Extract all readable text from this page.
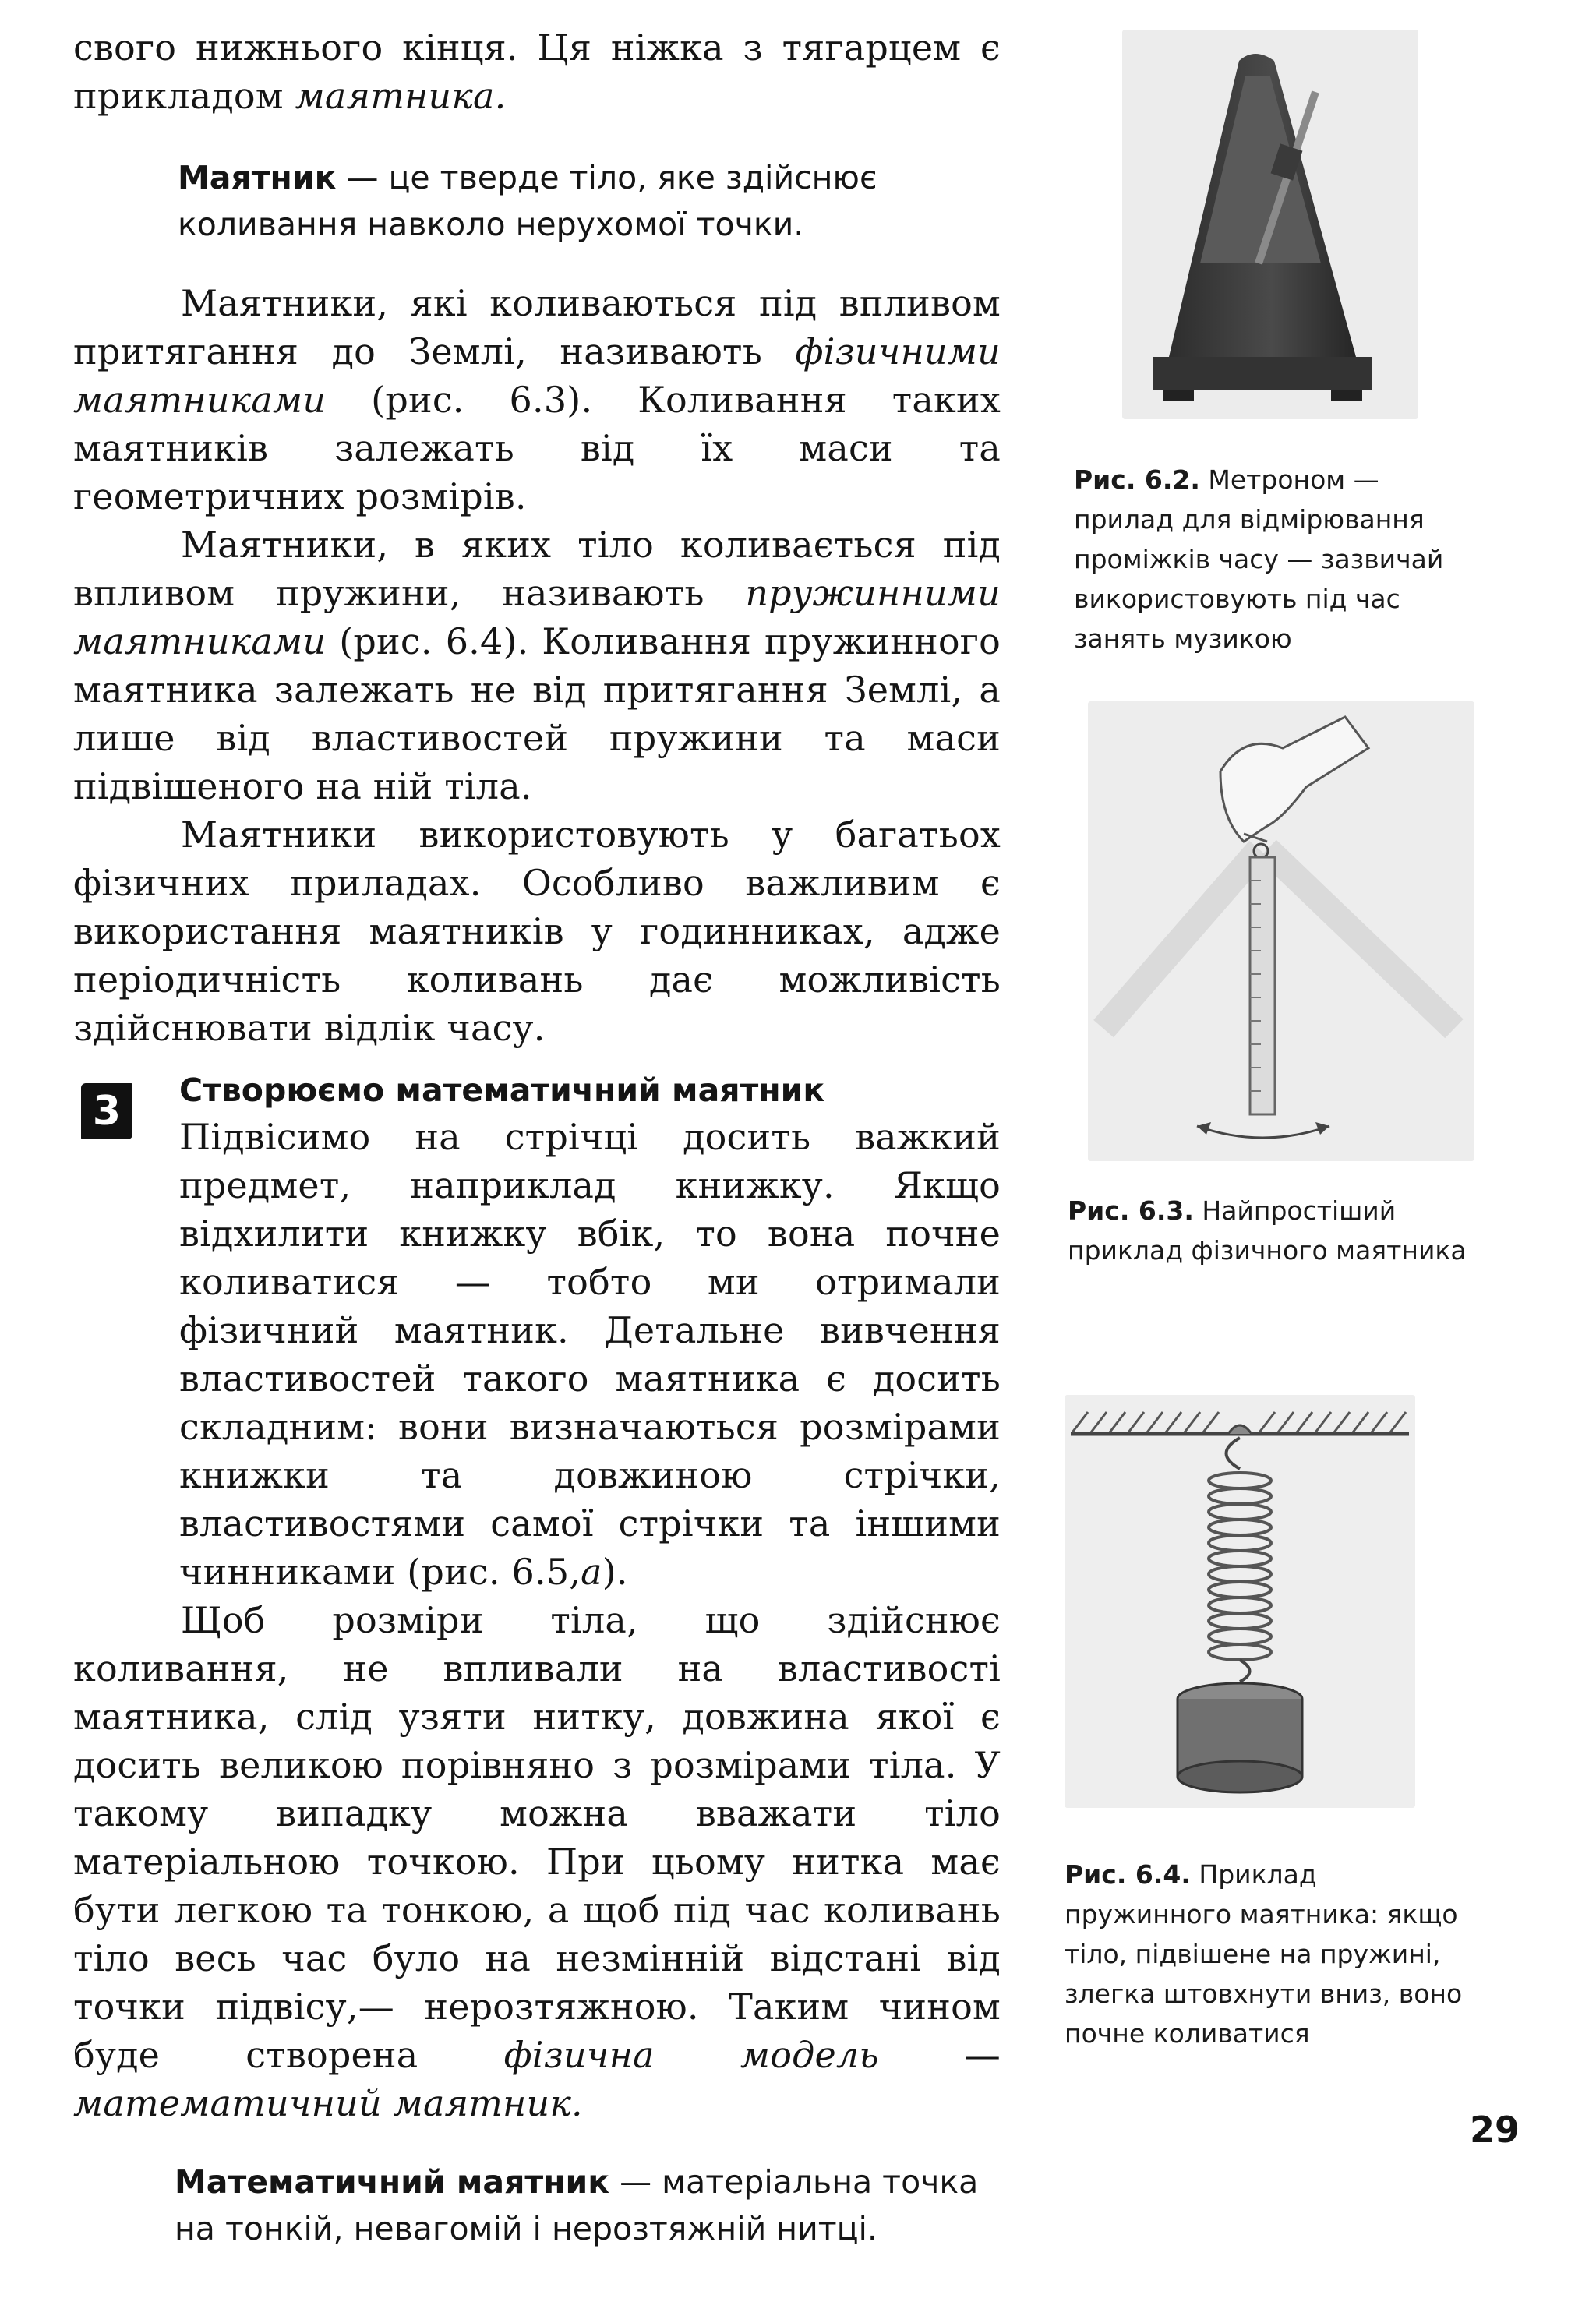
свого нижнього кінця. Ця ніжка з тягарцем є прикладом маятника.

Маятник — це тверде тіло, яке здійснює коливання навколо нерухомої точки.

Маятники, які коливаються під впливом притягання до Землі, називають фізичними маятниками (рис. 6.3). Коливання таких маятників залежать від їх маси та геометричних розмірів.

Маятники, в яких тіло коливається під впливом пружини, називають пружинними маятниками (рис. 6.4). Коливання пружинного маятника залежать не від притягання Землі, а лише від властивостей пружини та маси підвішеного на ній тіла.

Маятники використовують у багатьох фізичних приладах. Особливо важливим є використання маятників у годинниках, адже періодичність коливань дає можливість здійснювати відлік часу.

3	Створюємо математичний маятник

Підвісимо на стрічці досить важкий предмет, наприклад книжку. Якщо відхилити книжку вбік, то вона почне коливатися — тобто ми отримали фізичний маятник. Детальне вивчення властивостей такого маятника є досить складним: вони визначаються розмірами книжки та довжиною стрічки, властивостями самої стрічки та іншими чинниками (рис. 6.5,а).

Щоб розміри тіла, що здійснює коливання, не впливали на властивості маятника, слід узяти нитку, довжина якої є досить великою порівняно з розмірами тіла. У такому випадку можна вважати тіло матеріальною точкою. При цьому нитка має бути легкою та тонкою, а щоб під час коливань тіло весь час було на незмінній відстані від точки підвісу,— нерозтяжною. Таким чином буде створена фізична модель — математичний маятник.

Математичний маятник — матеріальна точка на тонкій, невагомій і нерозтяжній нитці.

Рис. 6.2. Метроном — прилад для відмірювання проміжків часу — зазвичай використовують під час занять музикою

Рис. 6.3. Найпростіший приклад фізичного маятника

Рис. 6.4. Приклад пружинного маятника: якщо тіло, підвішене на пружині, злегка штовхнути вниз, воно почне коливатися

29
